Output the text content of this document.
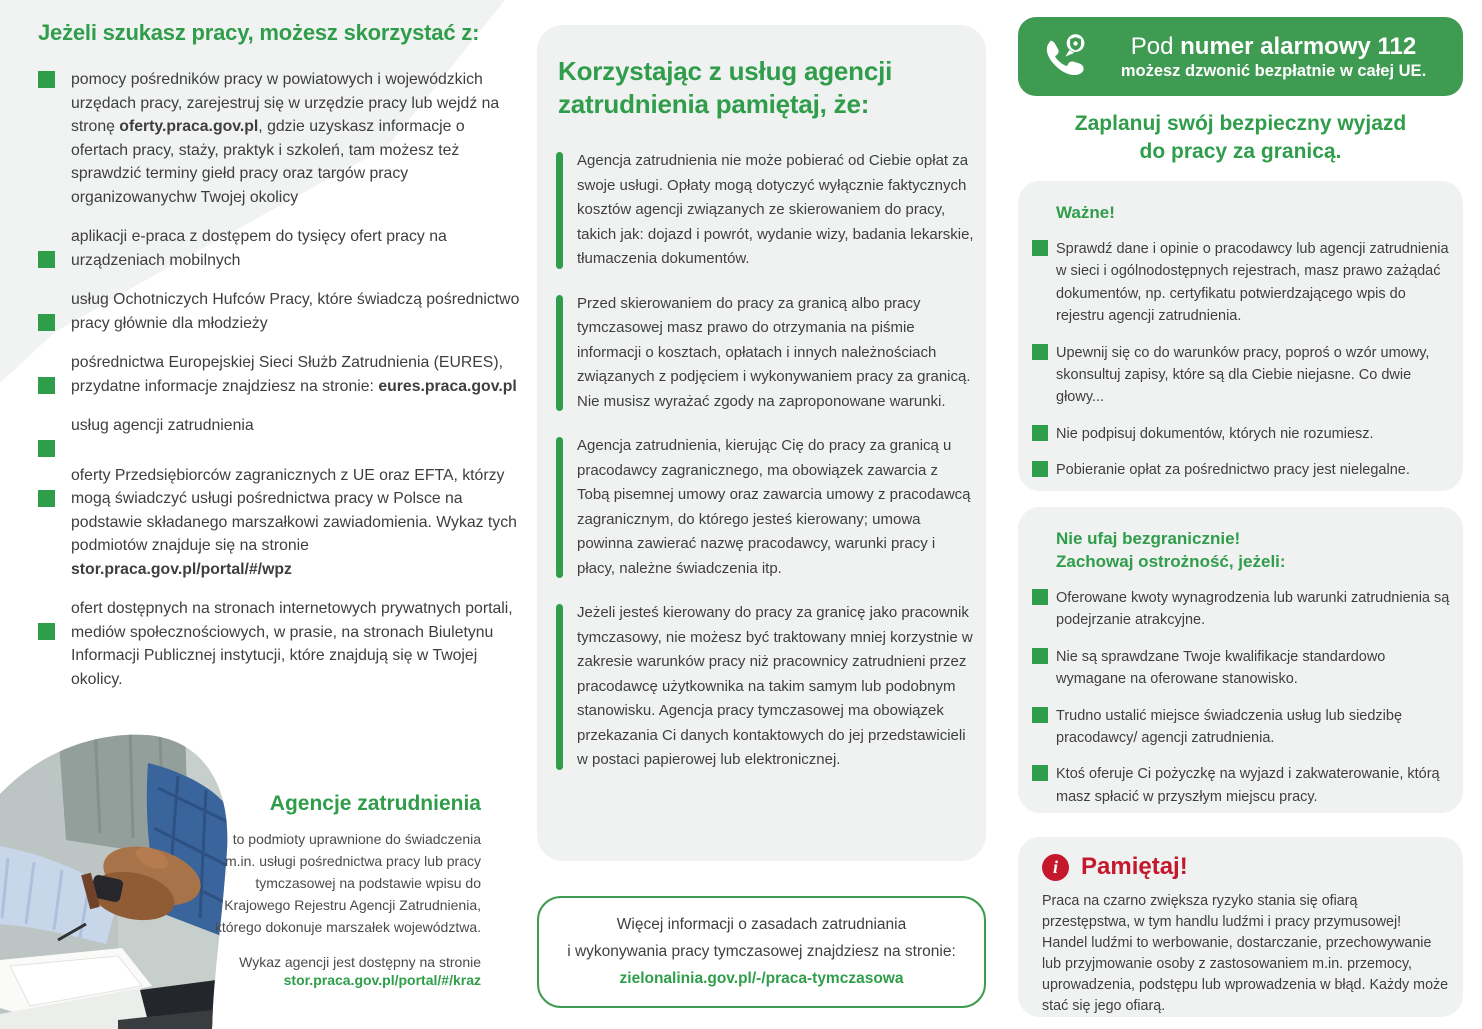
Jeżeli szukasz pracy, możesz skorzystać z:

pomocy pośredników pracy w powiatowych i wojewódzkich urzędach pracy, zarejestruj się w urzędzie pracy lub wejdź na stronę oferty.praca.gov.pl, gdzie uzyskasz informacje o ofertach pracy, staży, praktyk i szkoleń, tam możesz też sprawdzić terminy giełd pracy oraz targów pracy organizowanychw Twojej okolicy

aplikacji e-praca z dostępem do tysięcy ofert pracy na urządzeniach mobilnych

usług Ochotniczych Hufców Pracy, które świadczą pośrednictwo pracy głównie dla młodzieży

pośrednictwa Europejskiej Sieci Służb Zatrudnienia (EURES), przydatne informacje znajdziesz na stronie: eures.praca.gov.pl

usług agencji zatrudnienia

oferty Przedsiębiorców zagranicznych z UE oraz EFTA, którzy mogą świadczyć usługi pośrednictwa pracy w Polsce na podstawie składanego marszałkowi zawiadomienia. Wykaz tych podmiotów znajduje się na stronie stor.praca.gov.pl/portal/#/wpz

ofert dostępnych na stronach internetowych prywatnych portali, mediów społecznościowych, w prasie, na stronach Biuletynu Informacji Publicznej instytucji, które znajdują się w Twojej okolicy.

Agencje zatrudnienia

to podmioty uprawnione do świadczenia m.in. usługi pośrednictwa pracy lub pracy tymczasowej na podstawie wpisu do Krajowego Rejestru Agencji Zatrudnienia, którego dokonuje marszałek województwa.

Wykaz agencji jest dostępny na stronie

stor.praca.gov.pl/portal/#/kraz
Korzystając z usług agencji zatrudnienia pamiętaj, że:

Agencja zatrudnienia nie może pobierać od Ciebie opłat za swoje usługi. Opłaty mogą dotyczyć wyłącznie faktycznych kosztów agencji związanych ze skierowaniem do pracy, takich jak: dojazd i powrót, wydanie wizy, badania lekarskie, tłumaczenia dokumentów.

Przed skierowaniem do pracy za granicą albo pracy tymczasowej masz prawo do otrzymania na piśmie informacji o kosztach, opłatach i innych należnościach związanych z podjęciem i wykonywaniem pracy za granicą. Nie musisz wyrażać zgody na zaproponowane warunki.

Agencja zatrudnienia, kierując Cię do pracy za granicą u pracodawcy zagranicznego, ma obowiązek zawarcia z Tobą pisemnej umowy oraz zawarcia umowy z pracodawcą zagranicznym, do którego jesteś kierowany; umowa powinna zawierać nazwę pracodawcy, warunki pracy i płacy, należne świadczenia itp.

Jeżeli jesteś kierowany do pracy za granicę jako pracownik tymczasowy, nie możesz być traktowany mniej korzystnie w zakresie warunków pracy niż pracownicy zatrudnieni przez pracodawcę użytkownika na takim samym lub podobnym stanowisku. Agencja pracy tymczasowej ma obowiązek przekazania Ci danych kontaktowych do jej przedstawicieli w postaci papierowej lub elektronicznej.

Więcej informacji o zasadach zatrudniania

i wykonywania pracy tymczasowej znajdziesz na stronie:

zielonalinia.gov.pl/-/praca-tymczasowa
Pod numer alarmowy 112
możesz dzwonić bezpłatnie w całej UE.
Zaplanuj swój bezpieczny wyjazd
do pracy za granicą.
Ważne!

Sprawdź dane i opinie o pracodawcy lub agencji zatrudnienia w sieci i ogólnodostępnych rejestrach, masz prawo zażądać dokumentów, np. certyfikatu potwierdzającego wpis do rejestru agencji zatrudnienia.

Upewnij się co do warunków pracy, poproś o wzór umowy, skonsultuj zapisy, które są dla Ciebie niejasne. Co dwie głowy...

Nie podpisuj dokumentów, których nie rozumiesz.

Pobieranie opłat za pośrednictwo pracy jest nielegalne.

Nie ufaj bezgranicznie!
Zachowaj ostrożność, jeżeli:

Oferowane kwoty wynagrodzenia lub warunki zatrudnienia są podejrzanie atrakcyjne.

Nie są sprawdzane Twoje kwalifikacje standardowo wymagane na oferowane stanowisko.

Trudno ustalić miejsce świadczenia usług lub siedzibę pracodawcy/ agencji zatrudnienia.

Ktoś oferuje Ci pożyczkę na wyjazd i zakwaterowanie, którą masz spłacić w przyszłym miejscu pracy.

i Pamiętaj!

Praca na czarno zwiększa ryzyko stania się ofiarą przestępstwa, w tym handlu ludźmi i pracy przymusowej! Handel ludźmi to werbowanie, dostarczanie, przechowywanie lub przyjmowanie osoby z zastosowaniem m.in. przemocy, uprowadzenia, podstępu lub wprowadzenia w błąd. Każdy może stać się jego ofiarą.
